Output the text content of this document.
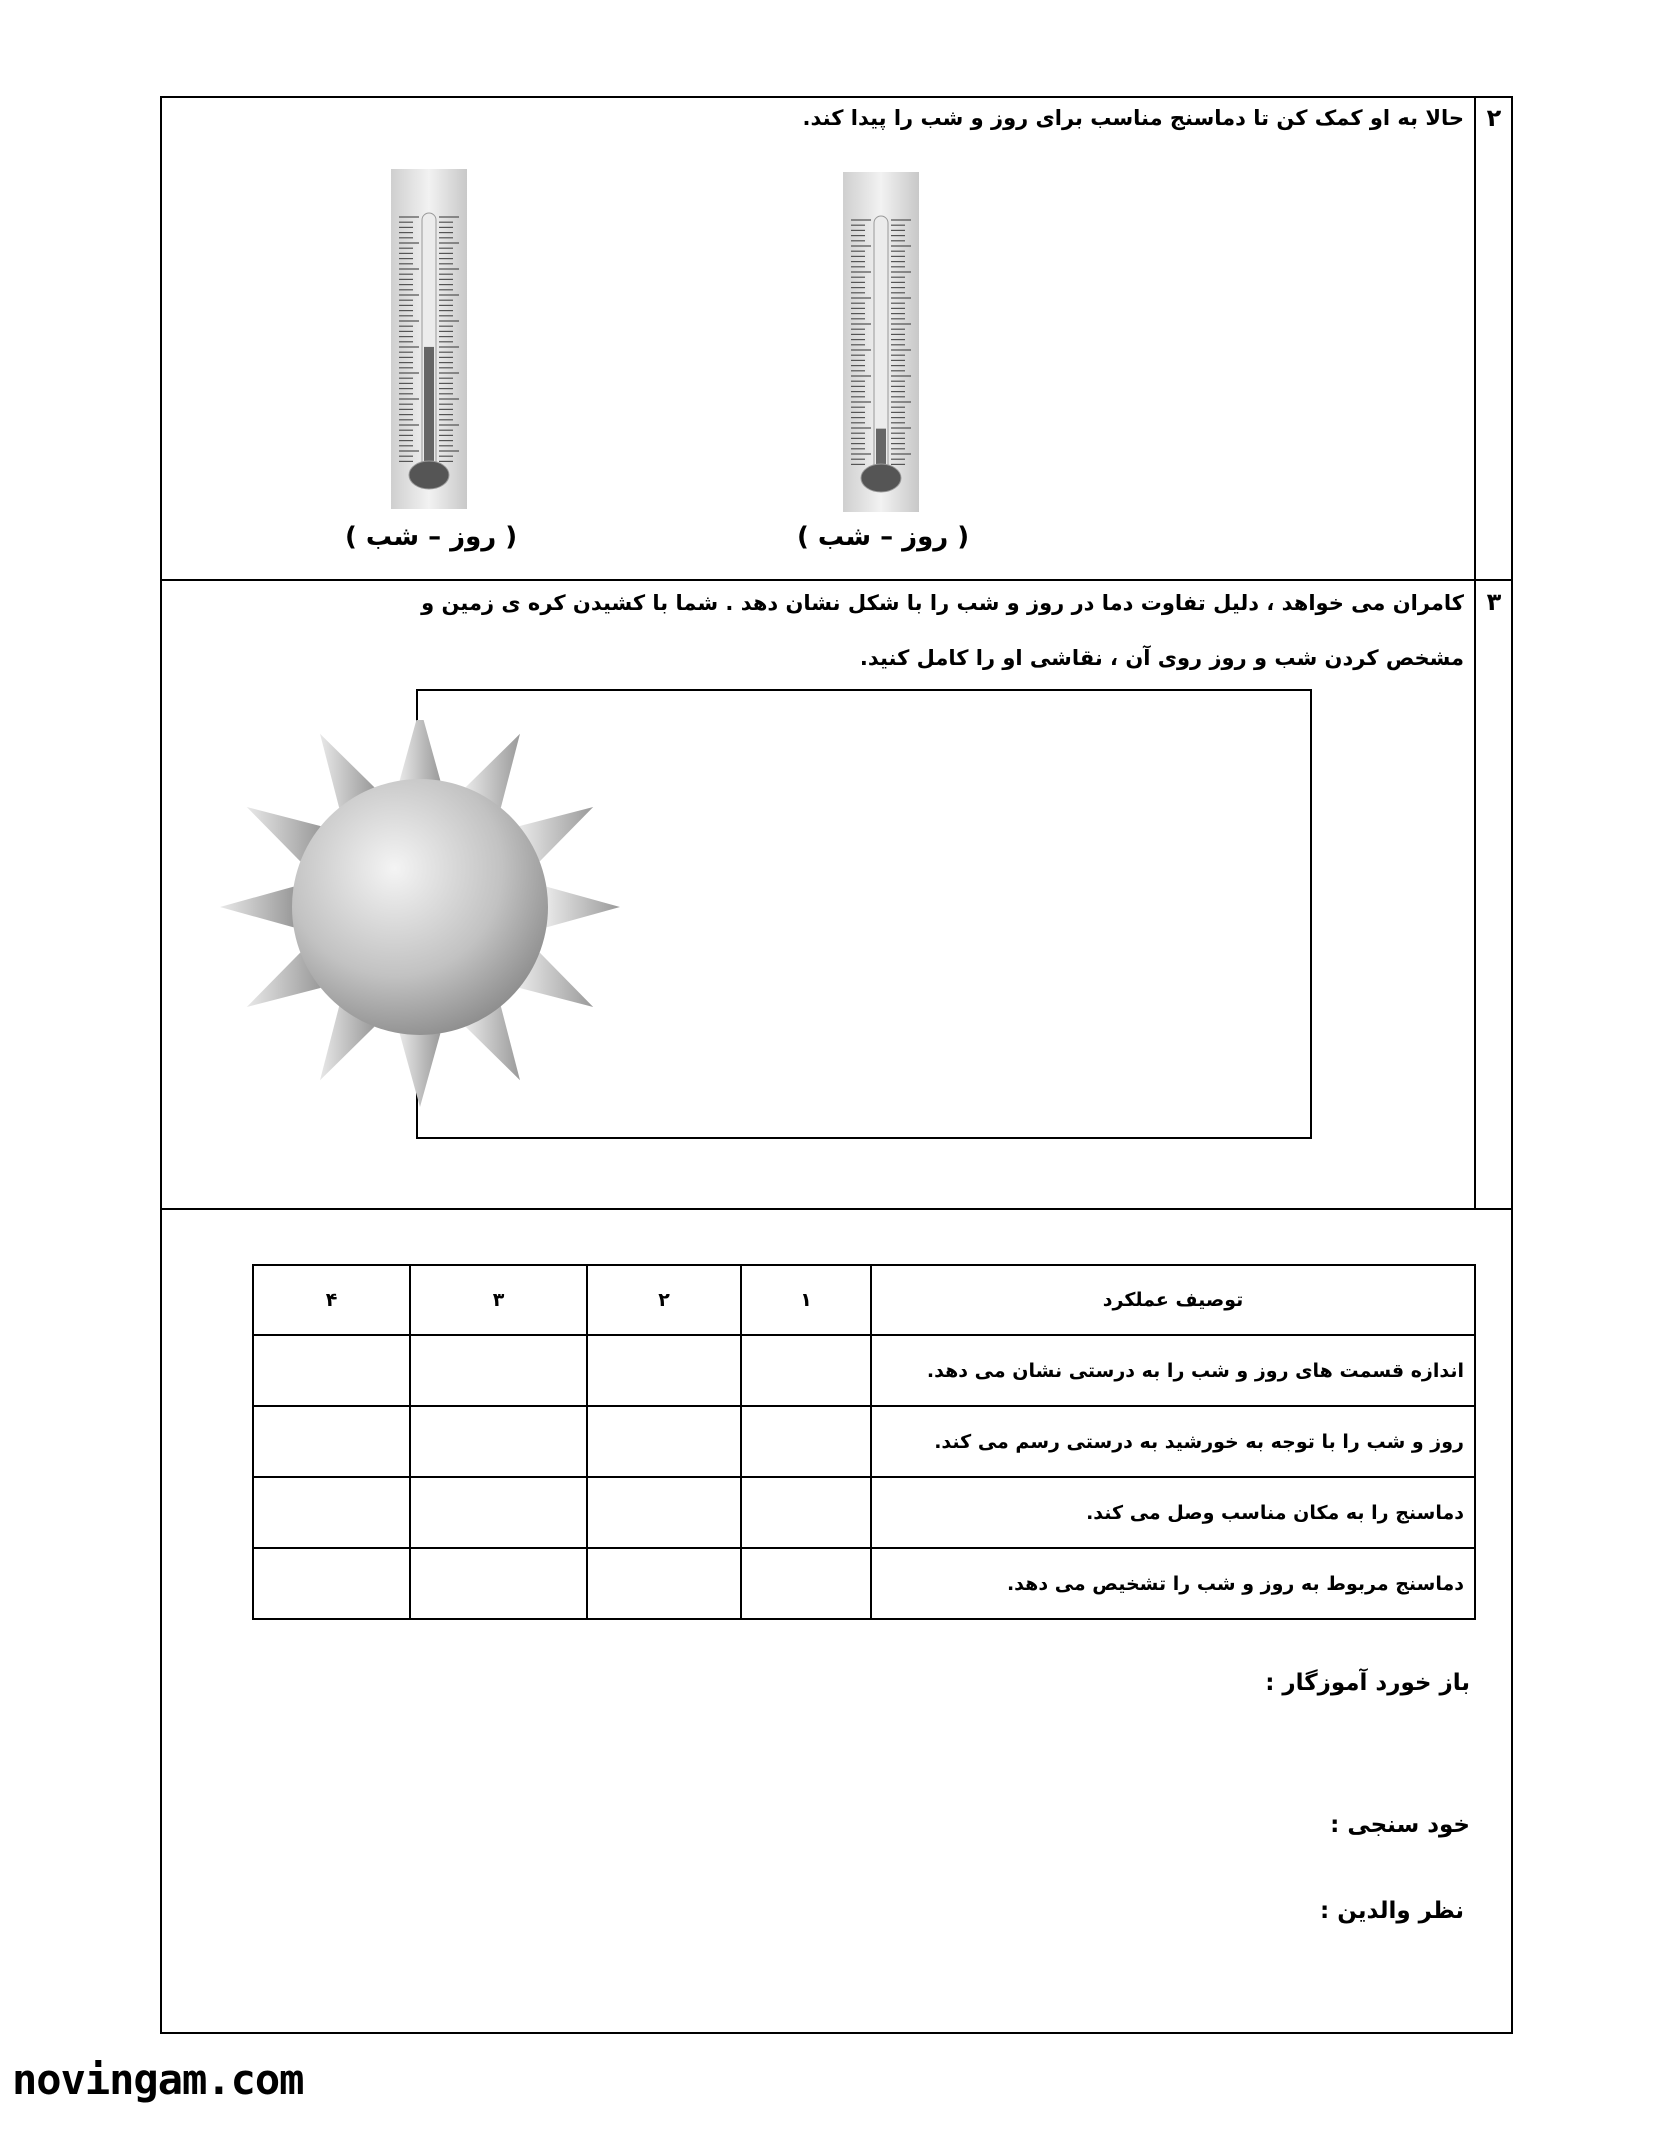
۲
حالا به او کمک کن تا دماسنج مناسب برای روز و شب را پیدا کند.
( روز – شب )	( روز – شب )
۳
کامران می خواهد ، دلیل تفاوت دما در روز و شب را با شکل نشان دهد . شما با کشیدن کره ی زمین و
مشخص کردن شب و روز روی آن ، نقاشی او را کامل کنید.
توصیف عملکرد	۱	۲	۳	۴
اندازه قسمت های روز و شب را به درستی نشان می دهد.				
روز و شب را با توجه به خورشید به درستی رسم می کند.				
دماسنج را به مکان مناسب وصل می کند.				
دماسنج مربوط به روز و شب را تشخیص می دهد.				
باز خورد آموزگار :
خود سنجی :
نظر والدین :
novingam.com
